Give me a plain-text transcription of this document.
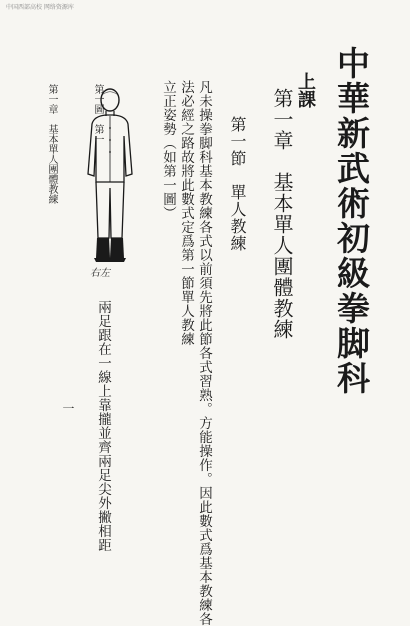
中国西部高校 网络资源库
中華新武術初級拳脚科
上課
第一章　基本單人團體教練
第一節　單人教練
凡未操拳脚科基本教練各式以前須先將此節各式習熟。方能操作。因此數式爲基本教練各
法必經之路故將此數式定爲第一節單人教練
立正姿勢（如第一圖）
兩足跟在一線上靠攏並齊兩足尖外撇相距
一
第一圖　第一
第一章　基本單人團體教練
右左
